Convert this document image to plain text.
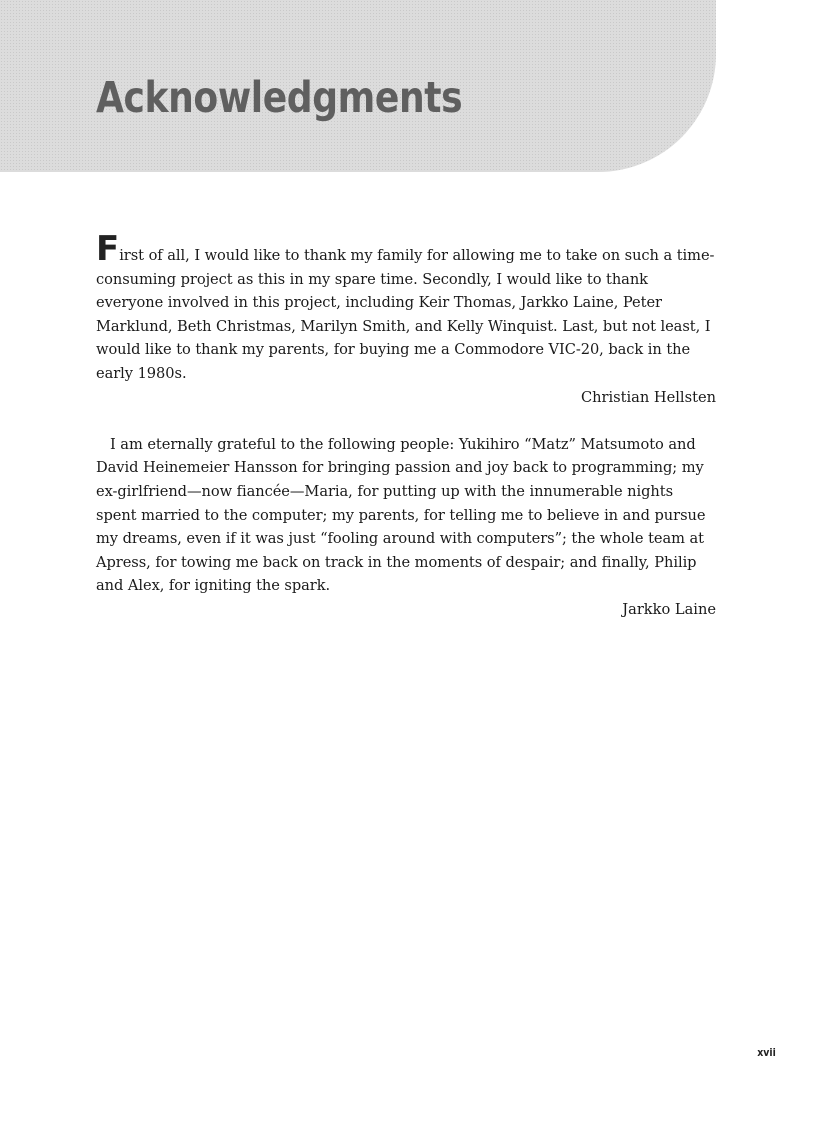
Acknowledgments

First of all, I would like to thank my family for allowing me to take on such a time-consuming project as this in my spare time. Secondly, I would like to thank everyone involved in this project, including Keir Thomas, Jarkko Laine, Peter Marklund, Beth Christmas, Marilyn Smith, and Kelly Winquist. Last, but not least, I would like to thank my parents, for buying me a Commodore VIC-20, back in the early 1980s.

Christian Hellsten

I am eternally grateful to the following people: Yukihiro “Matz” Matsumoto and David Heinemeier Hansson for bringing passion and joy back to programming; my ex-girlfriend—now fiancée—Maria, for putting up with the innumerable nights spent married to the computer; my parents, for telling me to believe in and pursue my dreams, even if it was just “fooling around with computers”; the whole team at Apress, for towing me back on track in the moments of despair; and finally, Philip and Alex, for igniting the spark.

Jarkko Laine

xvii
